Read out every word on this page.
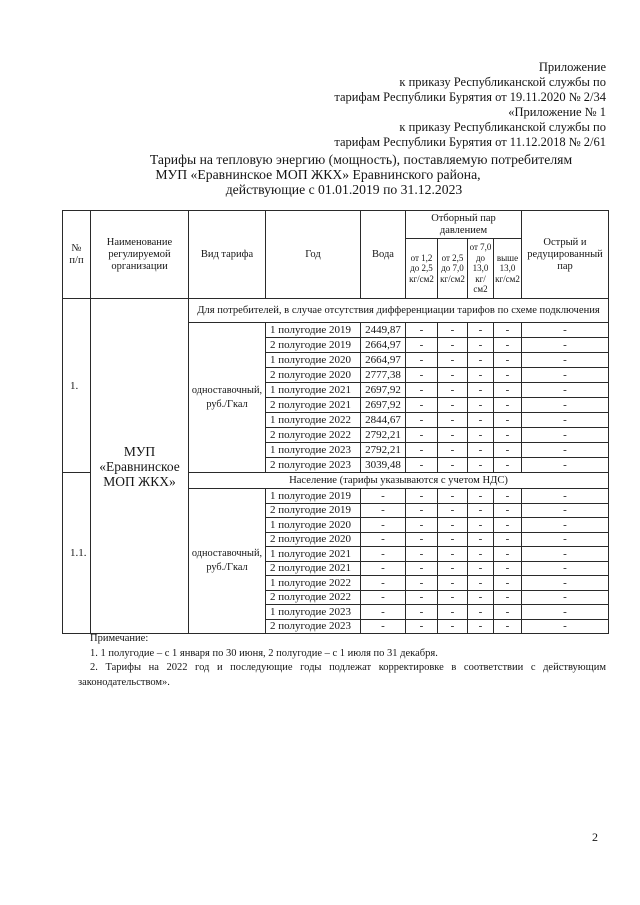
Приложение
к приказу Республиканской службы по
тарифам Республики Бурятия от 19.11.2020 № 2/34
«Приложение № 1
к приказу Республиканской службы по
тарифам Республики Бурятия от 11.12.2018 № 2/61
Тарифы на тепловую энергию (мощность), поставляемую потребителям
МУП «Еравнинское МОП ЖКХ» Еравнинского района,
действующие с 01.01.2019 по 31.12.2023
№ п/п	Наименование регулируемой организации	Вид тарифа	Год	Вода	Отборный пар давлением				Острый и редуцированный пар
					от 1,2 до 2,5 кг/см2	от 2,5 до 7,0 кг/см2	от 7,0 до 13,0 кг/см2	выше 13,0 кг/см2	
1.	МУП «Еравнинское МОП ЖКХ»	Для потребителей, в случае отсутствия дифференциации тарифов по схеме подключения							
		одноставочный, руб./Гкал	1 полугодие 2019	2449,87	-	-	-	-	-
			2 полугодие 2019	2664,97	-	-	-	-	-
			1 полугодие 2020	2664,97	-	-	-	-	-
			2 полугодие 2020	2777,38	-	-	-	-	-
			1 полугодие 2021	2697,92	-	-	-	-	-
			2 полугодие 2021	2697,92	-	-	-	-	-
			1 полугодие 2022	2844,67	-	-	-	-	-
			2 полугодие 2022	2792,21	-	-	-	-	-
			1 полугодие 2023	2792,21	-	-	-	-	-
			2 полугодие 2023	3039,48	-	-	-	-	-
1.1.		Население (тарифы указываются с учетом НДС)							
		одноставочный, руб./Гкал	1 полугодие 2019	-	-	-	-	-	-
			2 полугодие 2019	-	-	-	-	-	-
			1 полугодие 2020	-	-	-	-	-	-
			2 полугодие 2020	-	-	-	-	-	-
			1 полугодие 2021	-	-	-	-	-	-
			2 полугодие 2021	-	-	-	-	-	-
			1 полугодие 2022	-	-	-	-	-	-
			2 полугодие 2022	-	-	-	-	-	-
			1 полугодие 2023	-	-	-	-	-	-
			2 полугодие 2023	-	-	-	-	-	-
Примечание:

1. 1 полугодие – с 1 января по 30 июня, 2 полугодие – с 1 июля по 31 декабря.

2. Тарифы на 2022 год и последующие годы подлежат корректировке в соответствии с действующим законодательством».

2
